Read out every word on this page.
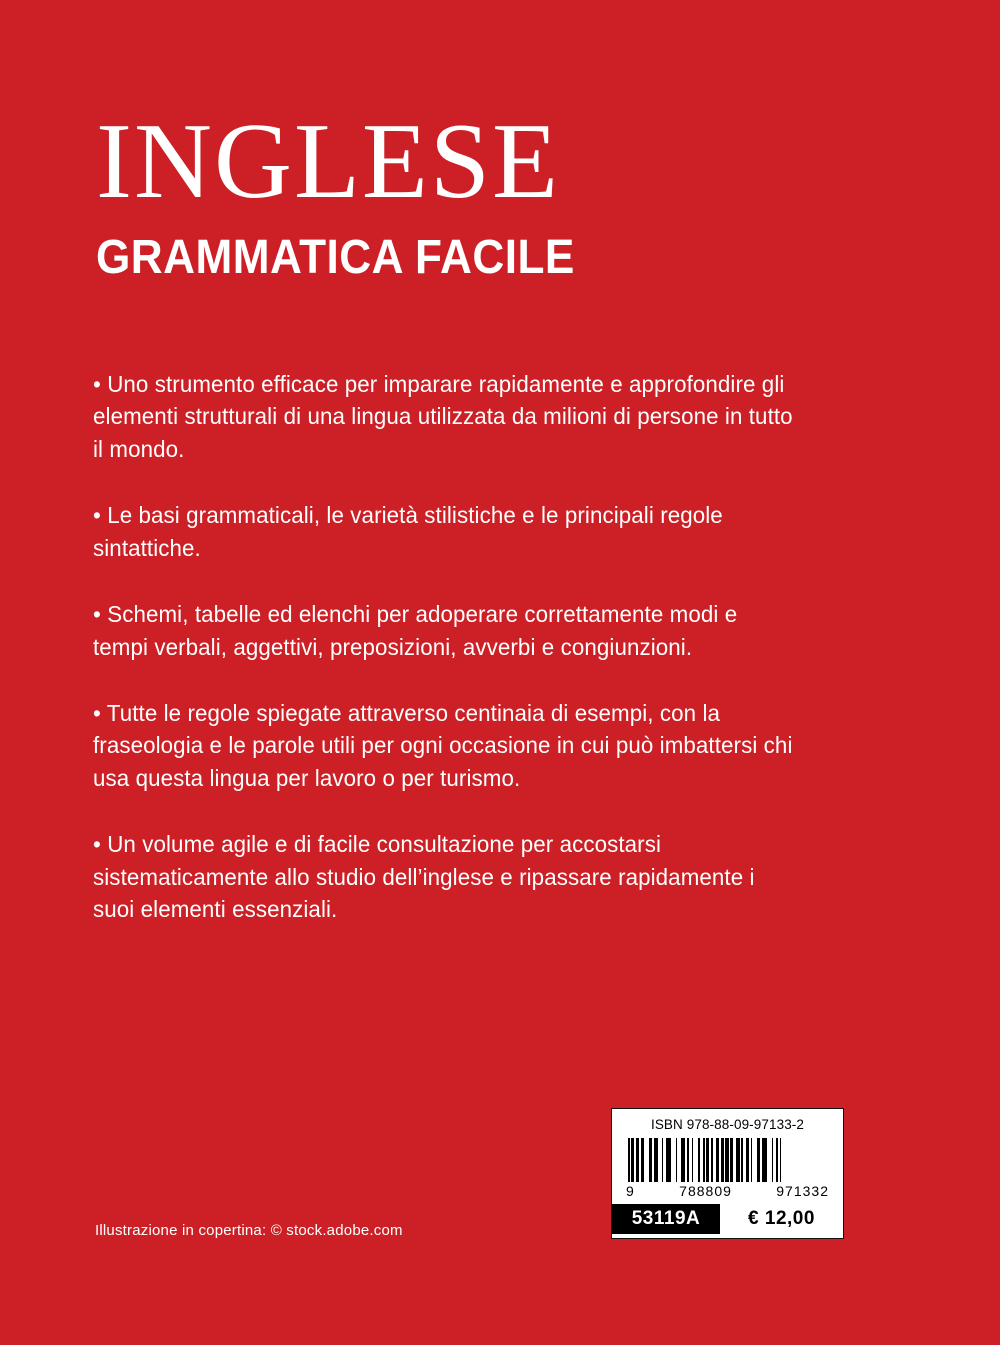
INGLESE
GRAMMATICA FACILE

• Uno strumento efficace per imparare rapidamente e approfondire gli elementi strutturali di una lingua utilizzata da milioni di persone in tutto il mondo.

• Le basi grammaticali, le varietà stilistiche e le principali regole sintattiche.

• Schemi, tabelle ed elenchi per adoperare correttamente modi e tempi verbali, aggettivi, preposizioni, avverbi e congiunzioni.

• Tutte le regole spiegate attraverso centinaia di esempi, con la fraseologia e le parole utili per ogni occasione in cui può imbattersi chi usa questa lingua per lavoro o per turismo.

• Un volume agile e di facile consultazione per accostarsi sistematicamente allo studio dell’inglese e ripassare rapidamente i suoi elementi essenziali.

Illustrazione in copertina: © stock.adobe.com
ISBN 978-88-09-97133-2
9	788809	971332
53119A	€ 12,00
